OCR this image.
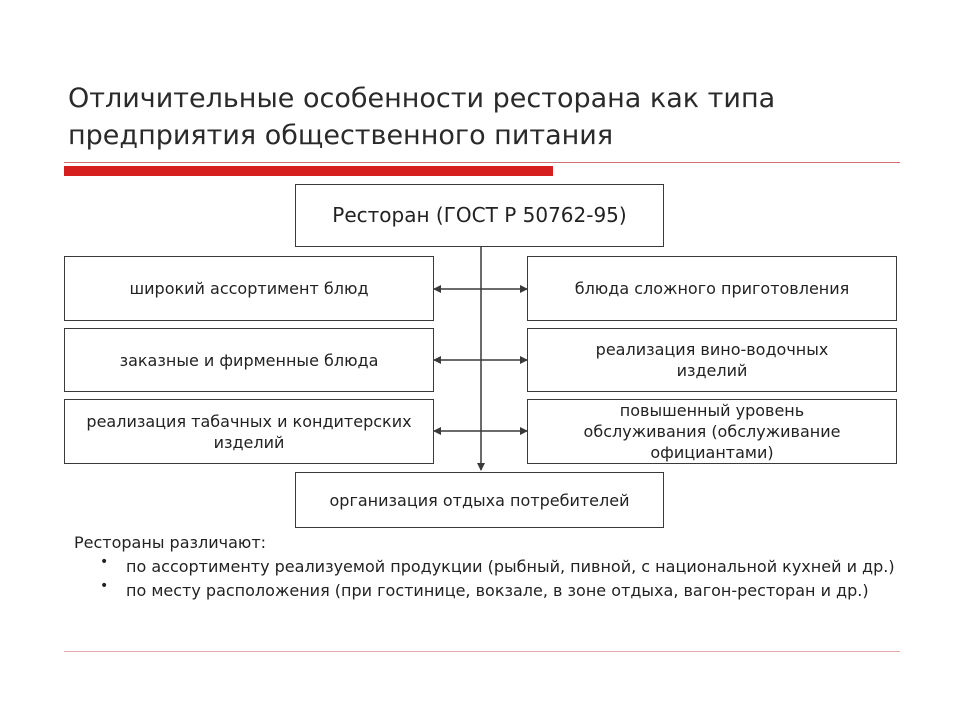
Отличительные особенности ресторана как типа предприятия общественного питания
Ресторан (ГОСТ Р 50762-95)
широкий ассортимент блюд
заказные и фирменные блюда
реализация табачных и кондитерских изделий
блюда сложного приготовления
реализация вино-водочных изделий
повышенный уровень обслуживания (обслуживание официантами)
организация отдыха потребителей
Рестораны различают:
• по ассортименту реализуемой продукции (рыбный, пивной, с национальной кухней и др.)
• по месту расположения (при гостинице, вокзале, в зоне отдыха, вагон-ресторан и др.)
